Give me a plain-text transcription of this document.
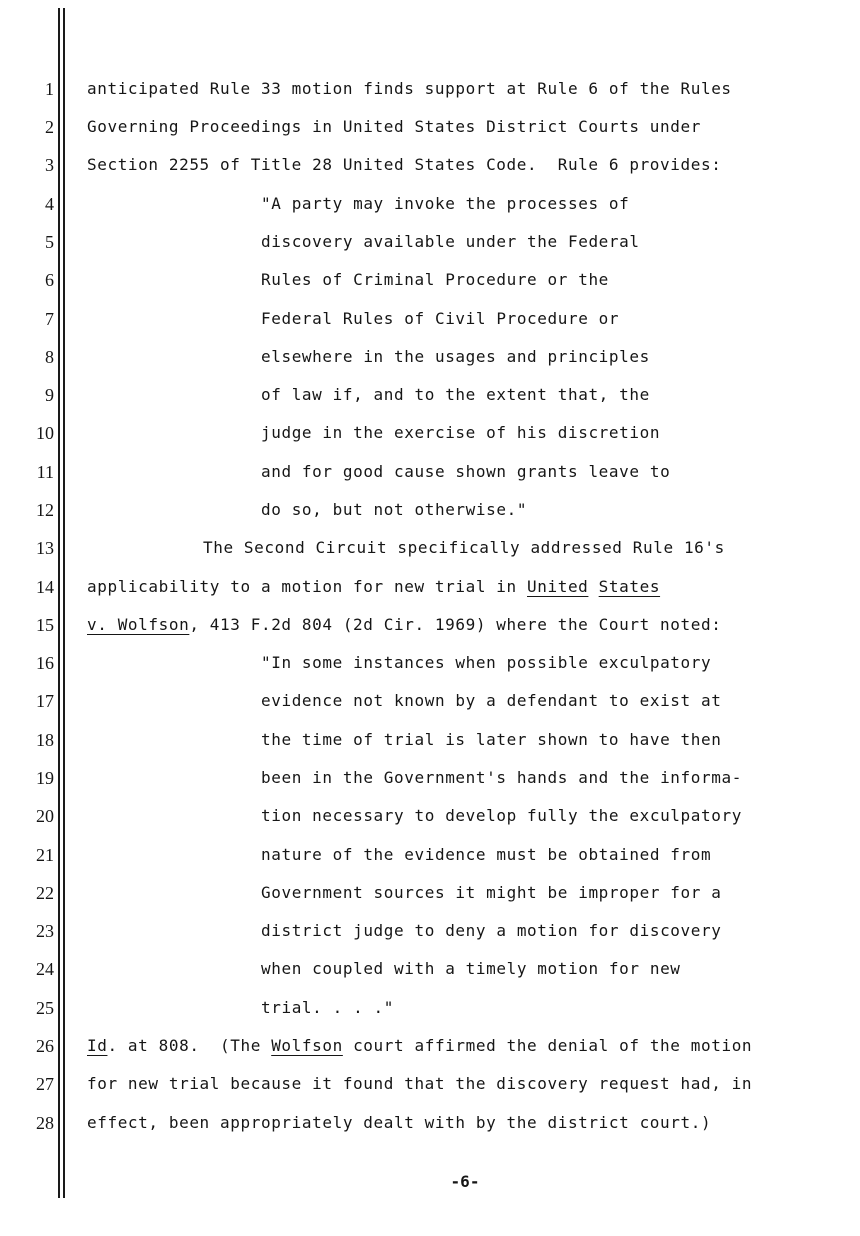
1
2
3
4
5
6
7
8
9
10
11
12
13
14
15
16
17
18
19
20
21
22
23
24
25
26
27
28
anticipated Rule 33 motion finds support at Rule 6 of the Rules
Governing Proceedings in United States District Courts under
Section 2255 of Title 28 United States Code.  Rule 6 provides:
"A party may invoke the processes of
discovery available under the Federal
Rules of Criminal Procedure or the
Federal Rules of Civil Procedure or
elsewhere in the usages and principles
of law if, and to the extent that, the
judge in the exercise of his discretion
and for good cause shown grants leave to
do so, but not otherwise."
The Second Circuit specifically addressed Rule 16's
applicability to a motion for new trial in United States
v. Wolfson, 413 F.2d 804 (2d Cir. 1969) where the Court noted:
"In some instances when possible exculpatory
evidence not known by a defendant to exist at
the time of trial is later shown to have then
been in the Government's hands and the informa-
tion necessary to develop fully the exculpatory
nature of the evidence must be obtained from
Government sources it might be improper for a
district judge to deny a motion for discovery
when coupled with a timely motion for new
trial. . . ."
Id. at 808.  (The Wolfson court affirmed the denial of the motion
for new trial because it found that the discovery request had, in
effect, been appropriately dealt with by the district court.)
-6-
